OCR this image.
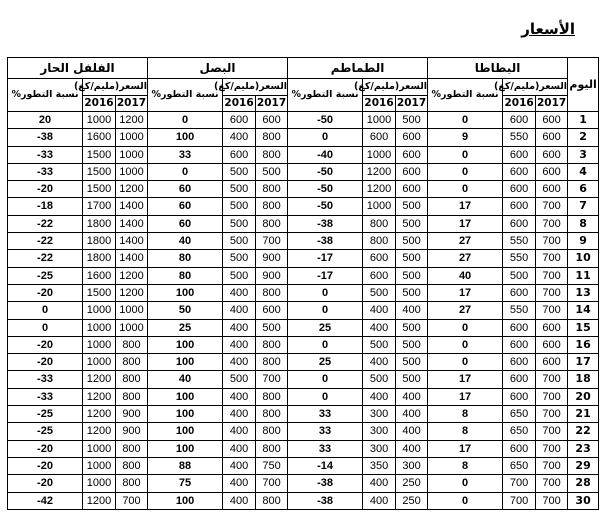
الأسعار
اليوم	البطاطا			الطماطم			البصل			الفلفل الحار		
	السعر(مليم/كغ)		نسبة التطور%	السعر(مليم/كغ)		نسبة التطور%	السعر(مليم/كغ)		نسبة التطور%	السعر(مليم/كغ)		نسبة التطور%
	2017	2016		2017	2016		2017	2016		2017	2016	
1	600	600	0	500	1000	50-	600	600	0	1200	1000	20
2	600	550	9	600	600	0	800	400	100	1000	1600	38-
3	600	600	0	600	1000	40-	800	600	33	1000	1500	33-
4	600	600	0	600	1200	50-	500	500	0	1000	1500	33-
6	600	600	0	600	1200	50-	800	500	60	1200	1500	20-
7	700	600	17	500	1000	50-	800	500	60	1400	1700	18-
8	700	600	17	500	800	38-	800	500	60	1400	1800	22-
9	700	550	27	500	800	38-	700	500	40	1400	1800	22-
10	700	550	27	500	600	17-	900	500	80	1400	1800	22-
11	700	500	40	500	600	17-	900	500	80	1200	1600	25-
13	700	600	17	500	500	0	800	400	100	1200	1500	20-
14	700	550	27	400	400	0	600	400	50	1000	1000	0
15	600	600	0	500	400	25	500	400	25	1000	1000	0
16	600	600	0	500	500	0	800	400	100	800	1000	20-
17	600	600	0	500	400	25	800	400	100	800	1000	20-
18	700	600	17	500	500	0	700	500	40	800	1200	33-
20	700	600	17	400	400	0	800	400	100	800	1200	33-
21	700	650	8	400	300	33	800	400	100	900	1200	25-
22	700	650	8	400	300	33	800	400	100	900	1200	25-
23	700	600	17	400	300	33	800	400	100	800	1000	20-
29	700	650	8	300	350	14-	750	400	88	800	1000	20-
28	700	700	0	250	400	38-	700	400	75	800	1000	20-
30	700	700	0	250	400	38-	800	400	100	700	1200	42-
